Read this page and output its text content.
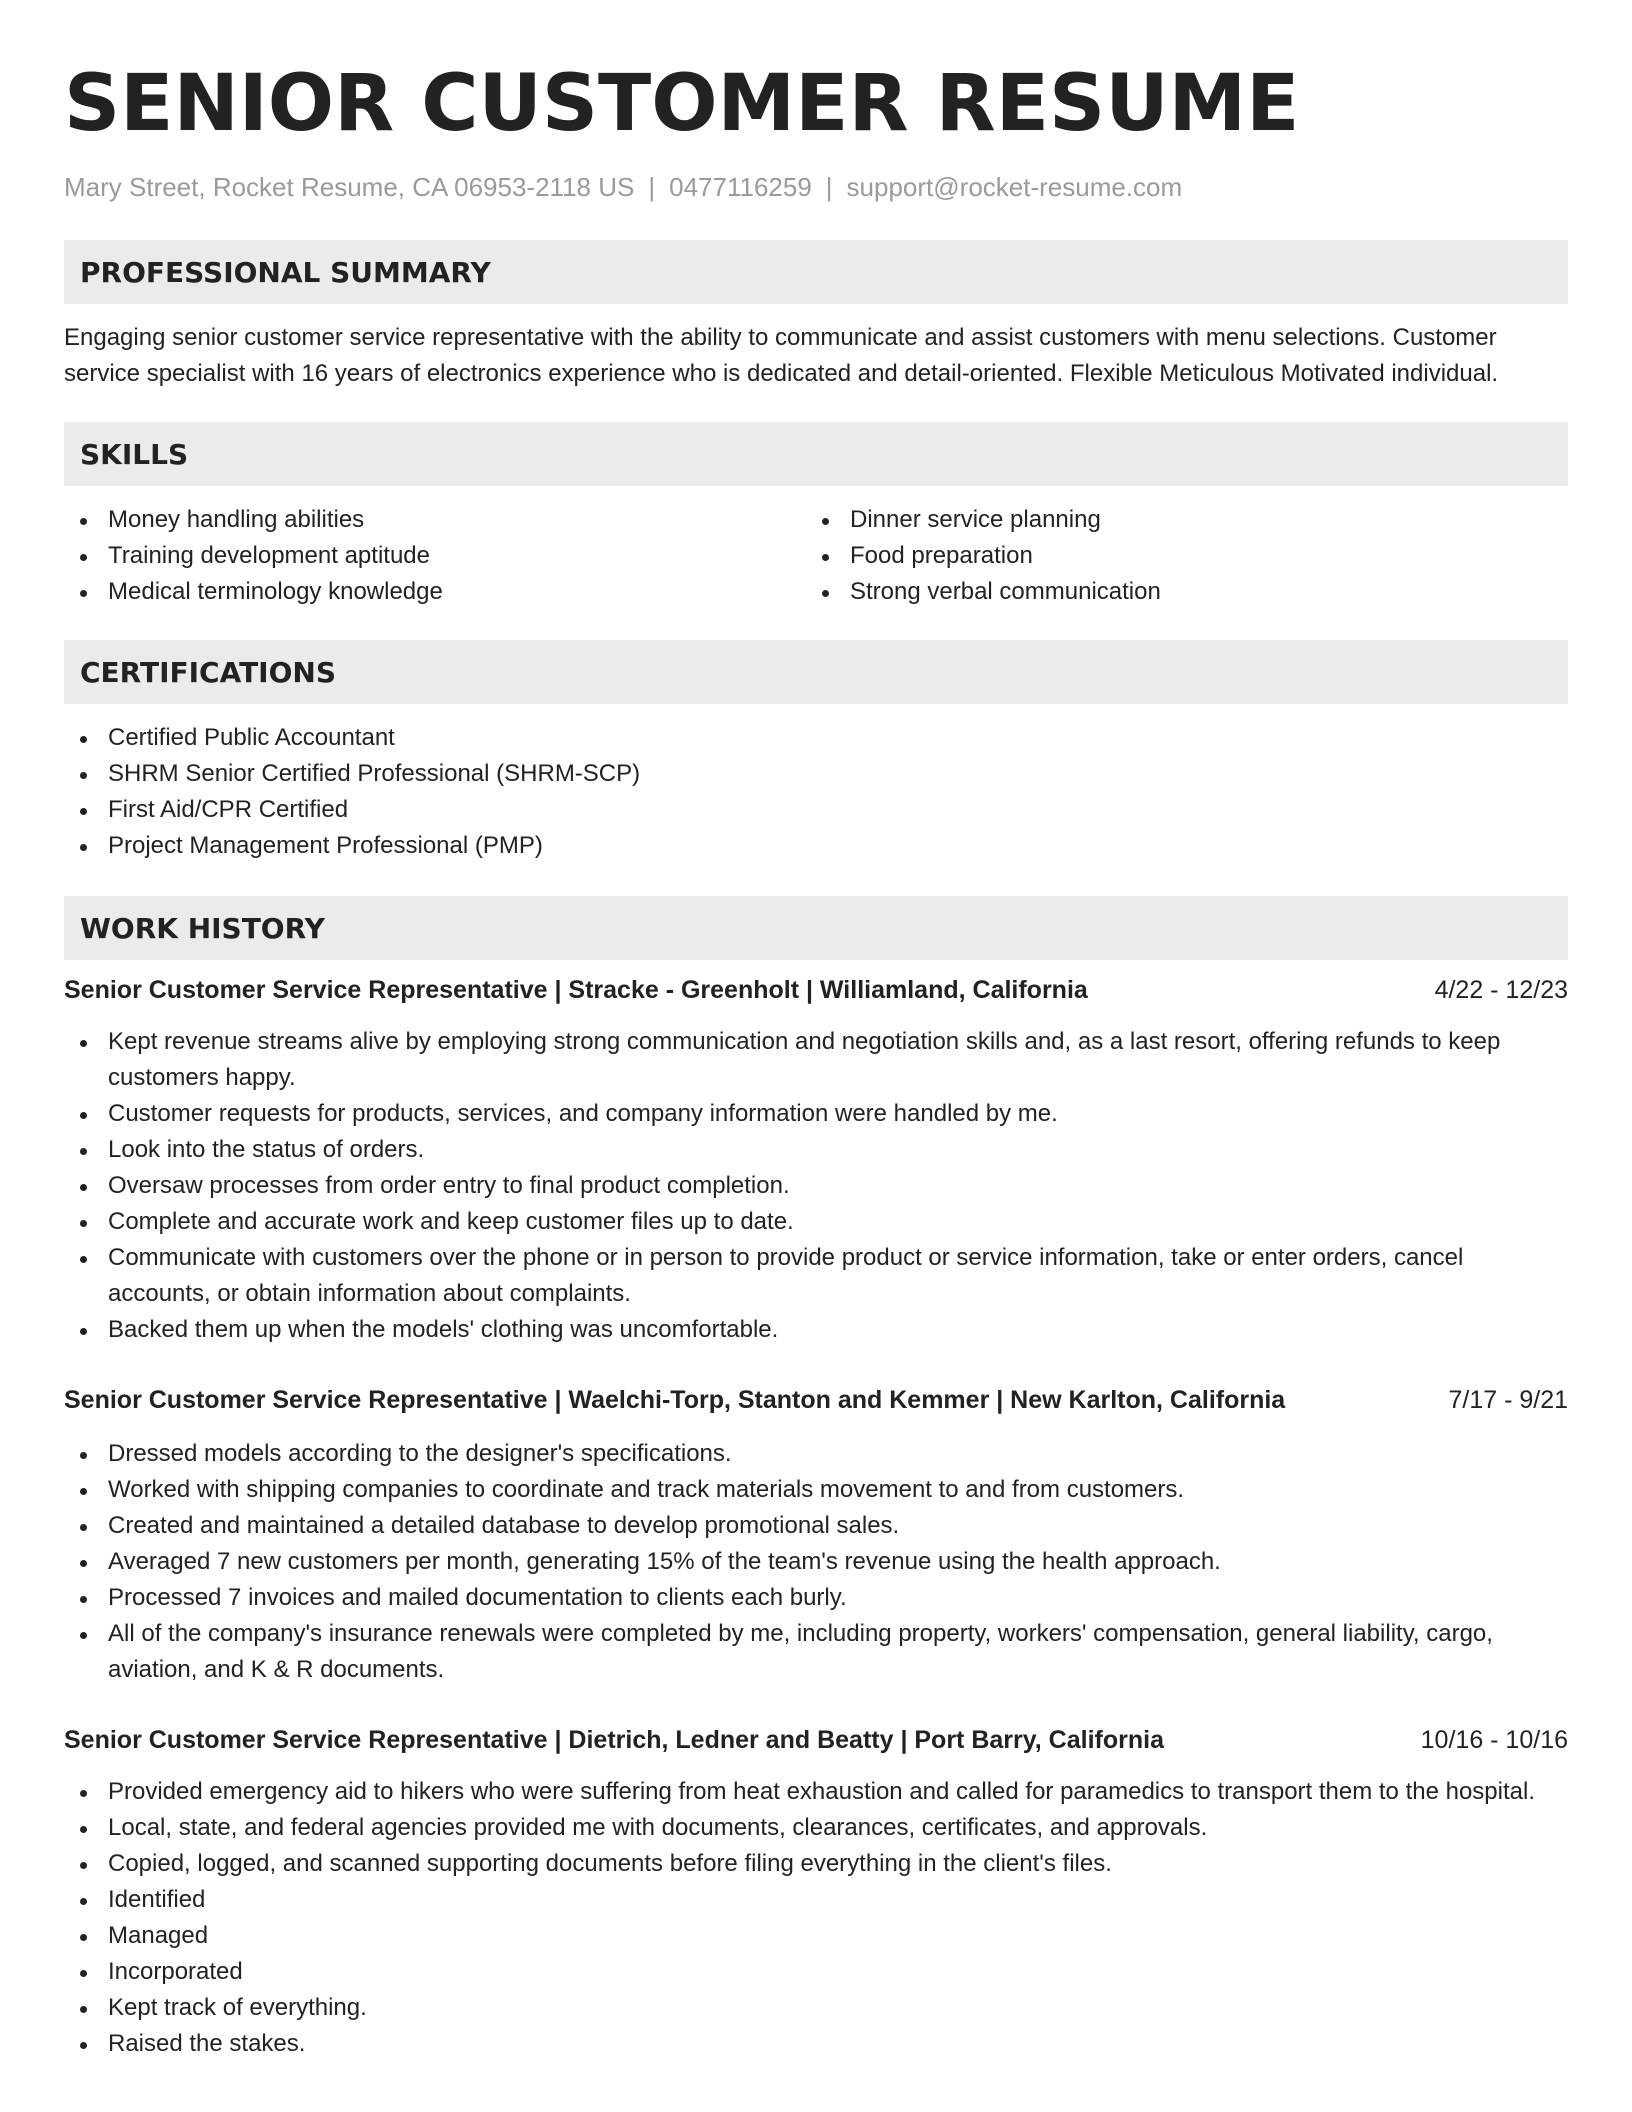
SENIOR CUSTOMER RESUME
Mary Street, Rocket Resume, CA 06953-2118 US | 0477116259 | support@rocket-resume.com
PROFESSIONAL SUMMARY

Engaging senior customer service representative with the ability to communicate and assist customers with menu selections. Customer service specialist with 16 years of electronics experience who is dedicated and detail-oriented. Flexible Meticulous Motivated individual.

SKILLS
Money handling abilities
Training development aptitude
Medical terminology knowledge
Dinner service planning
Food preparation
Strong verbal communication
CERTIFICATIONS
Certified Public Accountant
SHRM Senior Certified Professional (SHRM-SCP)
First Aid/CPR Certified
Project Management Professional (PMP)
WORK HISTORY
Senior Customer Service Representative | Stracke - Greenholt | Williamland, California	4/22 - 12/23
Kept revenue streams alive by employing strong communication and negotiation skills and, as a last resort, offering refunds to keep customers happy.
Customer requests for products, services, and company information were handled by me.
Look into the status of orders.
Oversaw processes from order entry to final product completion.
Complete and accurate work and keep customer files up to date.
Communicate with customers over the phone or in person to provide product or service information, take or enter orders, cancel accounts, or obtain information about complaints.
Backed them up when the models' clothing was uncomfortable.
Senior Customer Service Representative | Waelchi-Torp, Stanton and Kemmer | New Karlton, California	7/17 - 9/21
Dressed models according to the designer's specifications.
Worked with shipping companies to coordinate and track materials movement to and from customers.
Created and maintained a detailed database to develop promotional sales.
Averaged 7 new customers per month, generating 15% of the team's revenue using the health approach.
Processed 7 invoices and mailed documentation to clients each burly.
All of the company's insurance renewals were completed by me, including property, workers' compensation, general liability, cargo, aviation, and K & R documents.
Senior Customer Service Representative | Dietrich, Ledner and Beatty | Port Barry, California	10/16 - 10/16
Provided emergency aid to hikers who were suffering from heat exhaustion and called for paramedics to transport them to the hospital.
Local, state, and federal agencies provided me with documents, clearances, certificates, and approvals.
Copied, logged, and scanned supporting documents before filing everything in the client's files.
Identified
Managed
Incorporated
Kept track of everything.
Raised the stakes.
